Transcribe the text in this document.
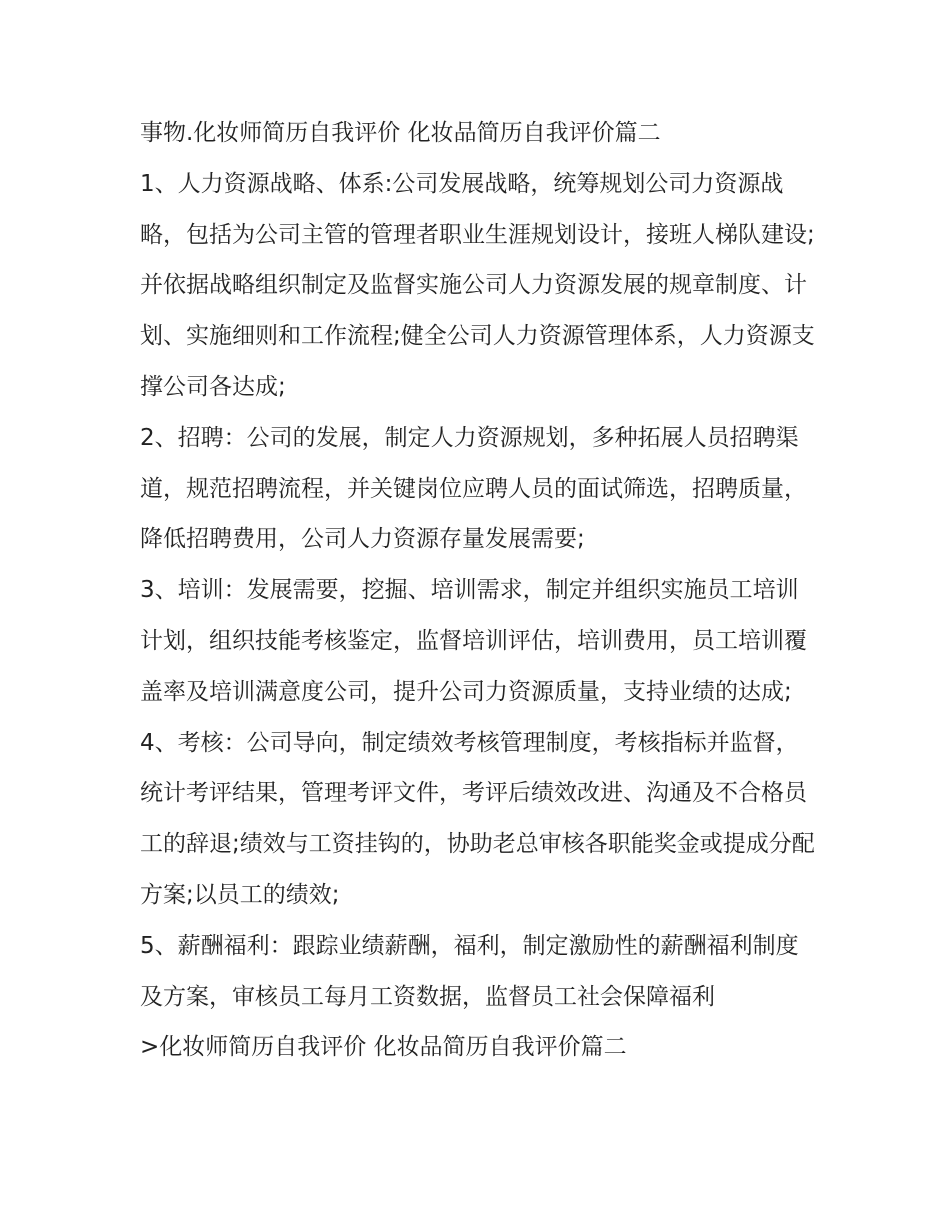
事物.化妆师简历自我评价 化妆品简历自我评价篇二

1、人力资源战略、体系:公司发展战略，统筹规划公司力资源战略，包括为公司主管的管理者职业生涯规划设计，接班人梯队建设;并依据战略组织制定及监督实施公司人力资源发展的规章制度、计划、实施细则和工作流程;健全公司人力资源管理体系，人力资源支撑公司各达成;

2、招聘：公司的发展，制定人力资源规划，多种拓展人员招聘渠道，规范招聘流程，并关键岗位应聘人员的面试筛选，招聘质量，降低招聘费用，公司人力资源存量发展需要;

3、培训：发展需要，挖掘、培训需求，制定并组织实施员工培训计划，组织技能考核鉴定，监督培训评估，培训费用，员工培训覆盖率及培训满意度公司，提升公司力资源质量，支持业绩的达成;

4、考核：公司导向，制定绩效考核管理制度，考核指标并监督，统计考评结果，管理考评文件，考评后绩效改进、沟通及不合格员工的辞退;绩效与工资挂钩的，协助老总审核各职能奖金或提成分配方案;以员工的绩效;

5、薪酬福利：跟踪业绩薪酬，福利，制定激励性的薪酬福利制度及方案，审核员工每月工资数据，监督员工社会保障福利

>化妆师简历自我评价 化妆品简历自我评价篇二
